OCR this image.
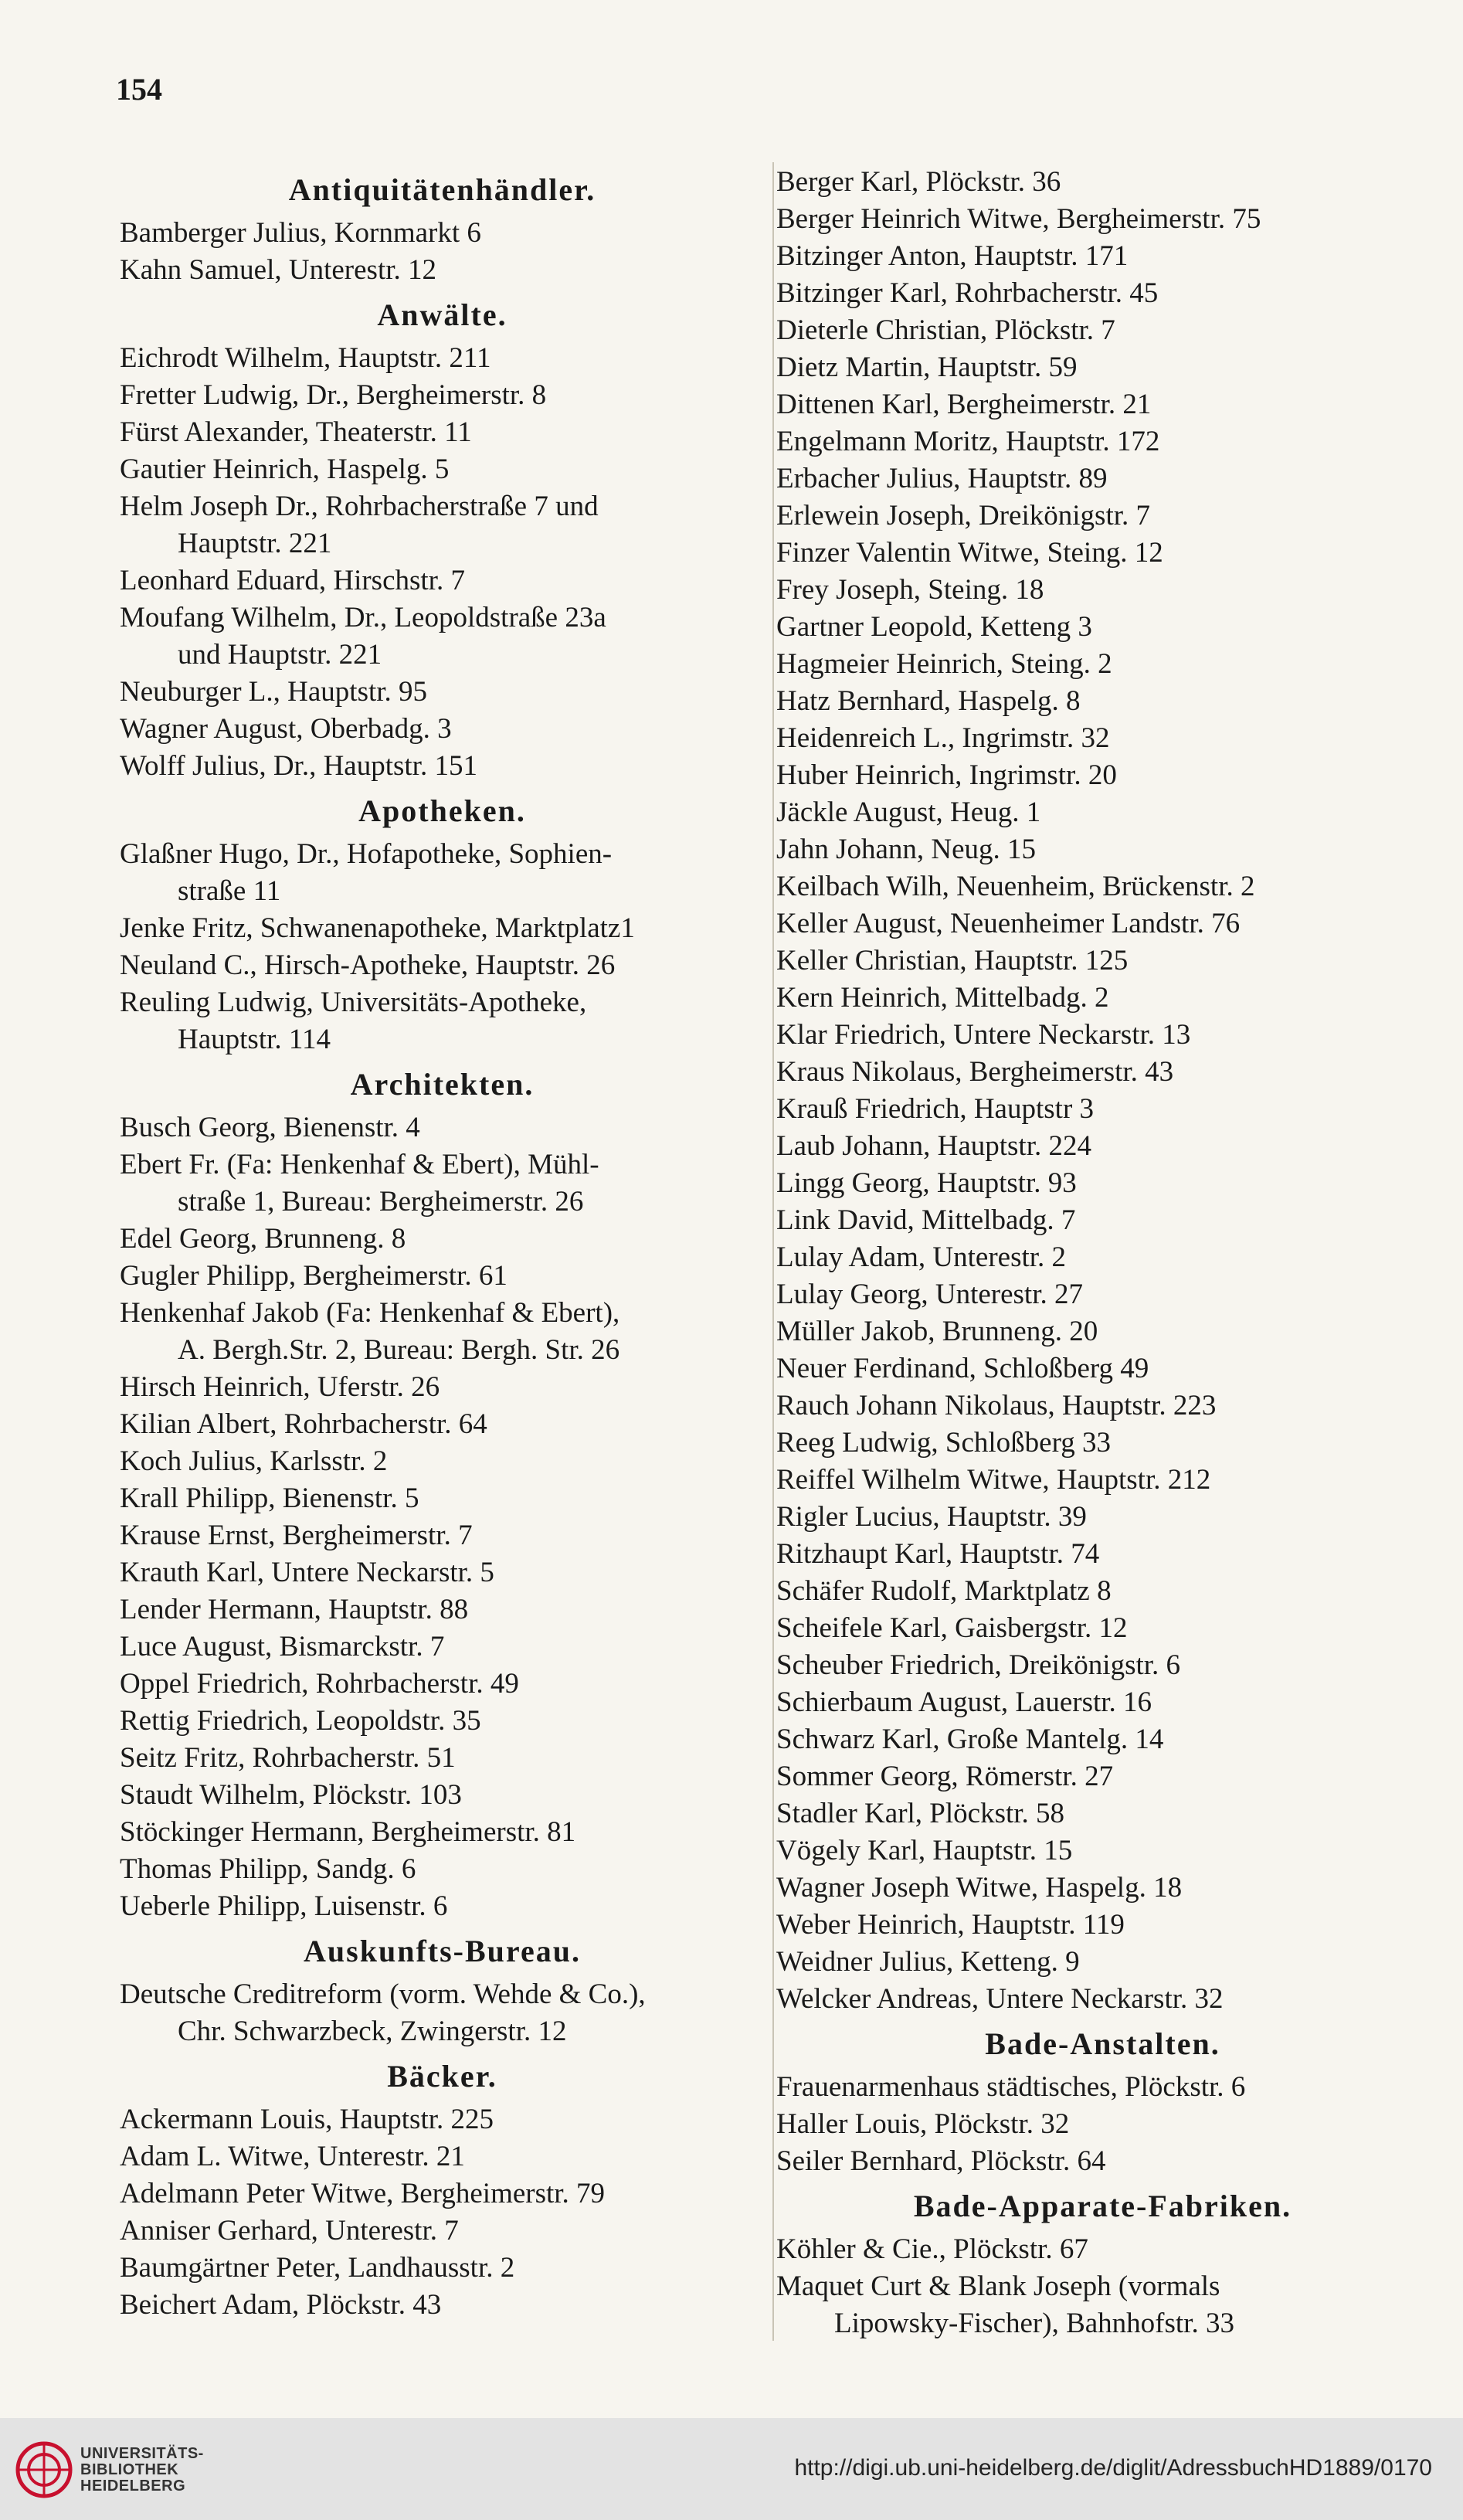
154
Antiquitätenhändler.
Bamberger Julius, Kornmarkt 6
Kahn Samuel, Unterestr. 12
Anwälte.
Eichrodt Wilhelm, Hauptstr. 211
Fretter Ludwig, Dr., Bergheimerstr. 8
Fürst Alexander, Theaterstr. 11
Gautier Heinrich, Haspelg. 5
Helm Joseph Dr., Rohrbacherstraße 7 und
Hauptstr. 221
Leonhard Eduard, Hirschstr. 7
Moufang Wilhelm, Dr., Leopoldstraße 23a
und Hauptstr. 221
Neuburger L., Hauptstr. 95
Wagner August, Oberbadg. 3
Wolff Julius, Dr., Hauptstr. 151
Apotheken.
Glaßner Hugo, Dr., Hofapotheke, Sophien-
straße 11
Jenke Fritz, Schwanenapotheke, Marktplatz1
Neuland C., Hirsch-Apotheke, Hauptstr. 26
Reuling Ludwig, Universitäts-Apotheke,
Hauptstr. 114
Architekten.
Busch Georg, Bienenstr. 4
Ebert Fr. (Fa: Henkenhaf & Ebert), Mühl-
straße 1, Bureau: Bergheimerstr. 26
Edel Georg, Brunneng. 8
Gugler Philipp, Bergheimerstr. 61
Henkenhaf Jakob (Fa: Henkenhaf & Ebert),
A. Bergh.Str. 2, Bureau: Bergh. Str. 26
Hirsch Heinrich, Uferstr. 26
Kilian Albert, Rohrbacherstr. 64
Koch Julius, Karlsstr. 2
Krall Philipp, Bienenstr. 5
Krause Ernst, Bergheimerstr. 7
Krauth Karl, Untere Neckarstr. 5
Lender Hermann, Hauptstr. 88
Luce August, Bismarckstr. 7
Oppel Friedrich, Rohrbacherstr. 49
Rettig Friedrich, Leopoldstr. 35
Seitz Fritz, Rohrbacherstr. 51
Staudt Wilhelm, Plöckstr. 103
Stöckinger Hermann, Bergheimerstr. 81
Thomas Philipp, Sandg. 6
Ueberle Philipp, Luisenstr. 6
Auskunfts-Bureau.
Deutsche Creditreform (vorm. Wehde & Co.),
Chr. Schwarzbeck, Zwingerstr. 12
Bäcker.
Ackermann Louis, Hauptstr. 225
Adam L. Witwe, Unterestr. 21
Adelmann Peter Witwe, Bergheimerstr. 79
Anniser Gerhard, Unterestr. 7
Baumgärtner Peter, Landhausstr. 2
Beichert Adam, Plöckstr. 43
Berger Karl, Plöckstr. 36
Berger Heinrich Witwe, Bergheimerstr. 75
Bitzinger Anton, Hauptstr. 171
Bitzinger Karl, Rohrbacherstr. 45
Dieterle Christian, Plöckstr. 7
Dietz Martin, Hauptstr. 59
Dittenen Karl, Bergheimerstr. 21
Engelmann Moritz, Hauptstr. 172
Erbacher Julius, Hauptstr. 89
Erlewein Joseph, Dreikönigstr. 7
Finzer Valentin Witwe, Steing. 12
Frey Joseph, Steing. 18
Gartner Leopold, Ketteng 3
Hagmeier Heinrich, Steing. 2
Hatz Bernhard, Haspelg. 8
Heidenreich L., Ingrimstr. 32
Huber Heinrich, Ingrimstr. 20
Jäckle August, Heug. 1
Jahn Johann, Neug. 15
Keilbach Wilh, Neuenheim, Brückenstr. 2
Keller August, Neuenheimer Landstr. 76
Keller Christian, Hauptstr. 125
Kern Heinrich, Mittelbadg. 2
Klar Friedrich, Untere Neckarstr. 13
Kraus Nikolaus, Bergheimerstr. 43
Krauß Friedrich, Hauptstr 3
Laub Johann, Hauptstr. 224
Lingg Georg, Hauptstr. 93
Link David, Mittelbadg. 7
Lulay Adam, Unterestr. 2
Lulay Georg, Unterestr. 27
Müller Jakob, Brunneng. 20
Neuer Ferdinand, Schloßberg 49
Rauch Johann Nikolaus, Hauptstr. 223
Reeg Ludwig, Schloßberg 33
Reiffel Wilhelm Witwe, Hauptstr. 212
Rigler Lucius, Hauptstr. 39
Ritzhaupt Karl, Hauptstr. 74
Schäfer Rudolf, Marktplatz 8
Scheifele Karl, Gaisbergstr. 12
Scheuber Friedrich, Dreikönigstr. 6
Schierbaum August, Lauerstr. 16
Schwarz Karl, Große Mantelg. 14
Sommer Georg, Römerstr. 27
Stadler Karl, Plöckstr. 58
Vögely Karl, Hauptstr. 15
Wagner Joseph Witwe, Haspelg. 18
Weber Heinrich, Hauptstr. 119
Weidner Julius, Ketteng. 9
Welcker Andreas, Untere Neckarstr. 32
Bade-Anstalten.
Frauenarmenhaus städtisches, Plöckstr. 6
Haller Louis, Plöckstr. 32
Seiler Bernhard, Plöckstr. 64
Bade-Apparate-Fabriken.
Köhler & Cie., Plöckstr. 67
Maquet Curt & Blank Joseph (vormals
Lipowsky-Fischer), Bahnhofstr. 33
UNIVERSITÄTS-
BIBLIOTHEK
HEIDELBERG
http://digi.ub.uni-heidelberg.de/diglit/AdressbuchHD1889/0170
